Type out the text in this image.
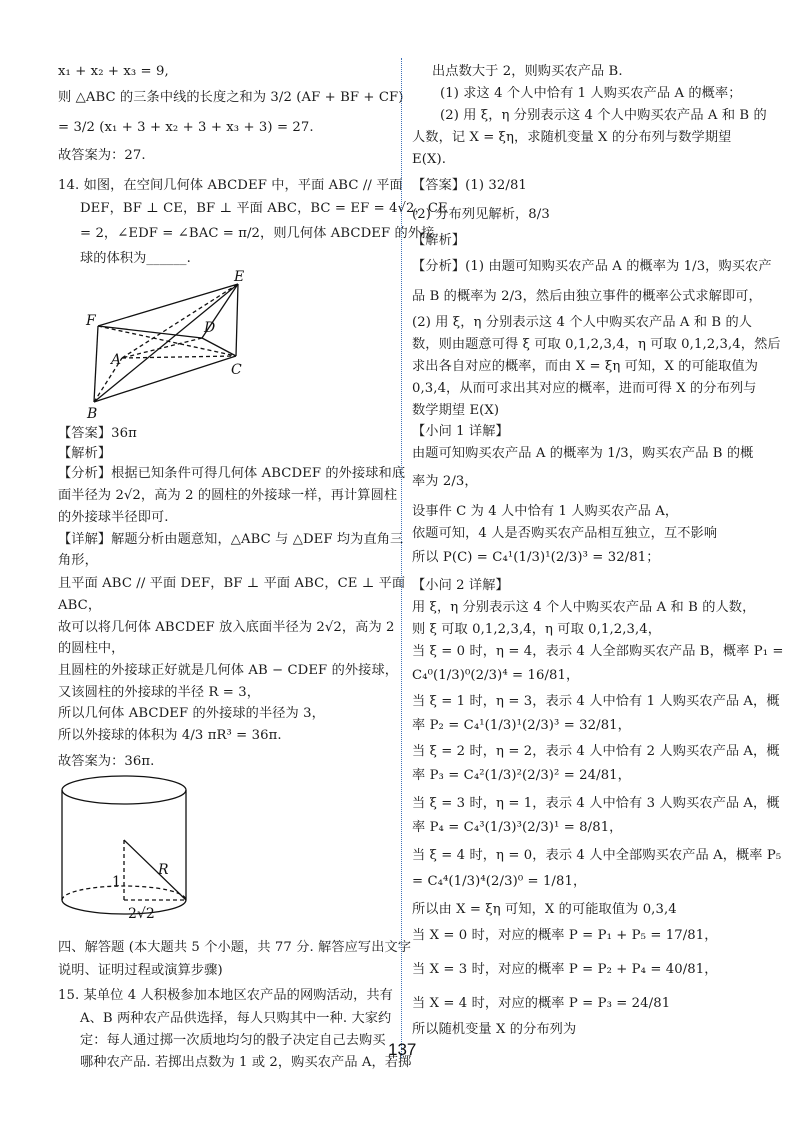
x₁ + x₂ + x₃ = 9,
则 △ABC 的三条中线的长度之和为 3/2 (AF + BF + CF)
= 3/2 (x₁ + 3 + x₂ + 3 + x₃ + 3) = 27.
故答案为：27.
14. 如图，在空间几何体 ABCDEF 中，平面 ABC // 平面
DEF，BF ⊥ CE，BF ⊥ 平面 ABC，BC = EF = 4√2，CE
= 2，∠EDF = ∠BAC = π/2，则几何体 ABCDEF 的外接
球的体积为______.
E
F	D
A
C
B
【答案】36π
【解析】
【分析】根据已知条件可得几何体 ABCDEF 的外接球和底
面半径为 2√2，高为 2 的圆柱的外接球一样，再计算圆柱
的外接球半径即可.
【详解】解题分析由题意知，△ABC 与 △DEF 均为直角三
角形，
且平面 ABC // 平面 DEF，BF ⊥ 平面 ABC，CE ⊥ 平面
ABC，
故可以将几何体 ABCDEF 放入底面半径为 2√2，高为 2
的圆柱中，
且圆柱的外接球正好就是几何体 AB − CDEF 的外接球，
又该圆柱的外接球的半径 R = 3，
所以几何体 ABCDEF 的外接球的半径为 3，
所以外接球的体积为 4/3 πR³ = 36π.
故答案为：36π.
R
1
2√2
四、解答题 (本大题共 5 个小题，共 77 分. 解答应写出文字
说明、证明过程或演算步骤)
15. 某单位 4 人积极参加本地区农产品的网购活动，共有
A、B 两种农产品供选择，每人只购其中一种. 大家约
定：每人通过掷一次质地均匀的骰子决定自己去购买
哪种农产品. 若掷出点数为 1 或 2，购买农产品 A，若掷
出点数大于 2，则购买农产品 B.
(1) 求这 4 个人中恰有 1 人购买农产品 A 的概率；
(2) 用 ξ，η 分别表示这 4 个人中购买农产品 A 和 B 的
人数，记 X = ξη，求随机变量 X 的分布列与数学期望
E(X).
【答案】(1) 32/81
(2) 分布列见解析，8/3
【解析】
【分析】(1) 由题可知购买农产品 A 的概率为 1/3，购买农产
品 B 的概率为 2/3，然后由独立事件的概率公式求解即可，
(2) 用 ξ，η 分别表示这 4 个人中购买农产品 A 和 B 的人
数，则由题意可得 ξ 可取 0,1,2,3,4，η 可取 0,1,2,3,4，然后
求出各自对应的概率，而由 X = ξη 可知，X 的可能取值为
0,3,4，从而可求出其对应的概率，进而可得 X 的分布列与
数学期望 E(X)
【小问 1 详解】
由题可知购买农产品 A 的概率为 1/3，购买农产品 B 的概
率为 2/3，
设事件 C 为 4 人中恰有 1 人购买农产品 A，
依题可知，4 人是否购买农产品相互独立，互不影响
所以 P(C) = C₄¹(1/3)¹(2/3)³ = 32/81；
【小问 2 详解】
用 ξ，η 分别表示这 4 个人中购买农产品 A 和 B 的人数，
则 ξ 可取 0,1,2,3,4，η 可取 0,1,2,3,4，
当 ξ = 0 时，η = 4，表示 4 人全部购买农产品 B，概率 P₁ =
C₄⁰(1/3)⁰(2/3)⁴ = 16/81，
当 ξ = 1 时，η = 3，表示 4 人中恰有 1 人购买农产品 A，概
率 P₂ = C₄¹(1/3)¹(2/3)³ = 32/81，
当 ξ = 2 时，η = 2，表示 4 人中恰有 2 人购买农产品 A，概
率 P₃ = C₄²(1/3)²(2/3)² = 24/81，
当 ξ = 3 时，η = 1，表示 4 人中恰有 3 人购买农产品 A，概
率 P₄ = C₄³(1/3)³(2/3)¹ = 8/81，
当 ξ = 4 时，η = 0，表示 4 人中全部购买农产品 A，概率 P₅
= C₄⁴(1/3)⁴(2/3)⁰ = 1/81，
所以由 X = ξη 可知，X 的可能取值为 0,3,4
当 X = 0 时，对应的概率 P = P₁ + P₅ = 17/81，
当 X = 3 时，对应的概率 P = P₂ + P₄ = 40/81，
当 X = 4 时，对应的概率 P = P₃ = 24/81
所以随机变量 X 的分布列为
137
